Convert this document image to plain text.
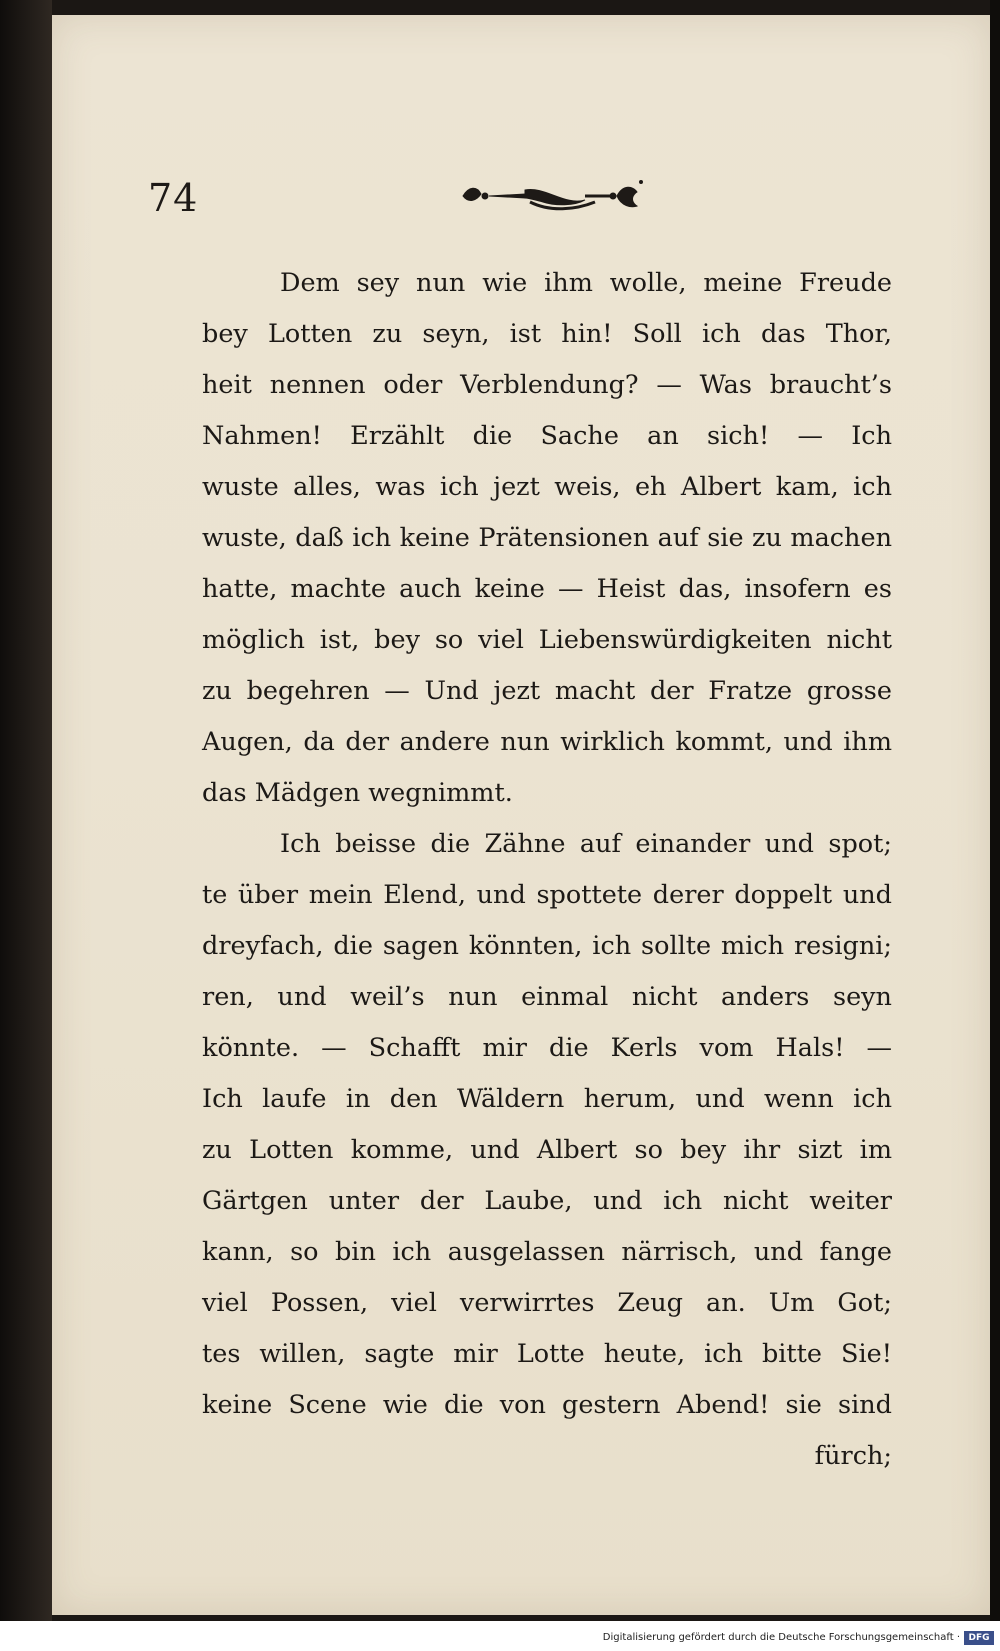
74
Dem sey nun wie ihm wolle, meine Freude
bey Lotten zu seyn, ist hin! Soll ich das Thor,
heit nennen oder Verblendung? — Was braucht’s
Nahmen! Erzählt die Sache an sich! — Ich
wuste alles, was ich jezt weis, eh Albert kam, ich
wuste, daß ich keine Prätensionen auf sie zu machen
hatte, machte auch keine — Heist das, insofern es
möglich ist, bey so viel Liebenswürdigkeiten nicht
zu begehren — Und jezt macht der Fratze grosse
Augen, da der andere nun wirklich kommt, und ihm
das Mädgen wegnimmt.
Ich beisse die Zähne auf einander und spot;
te über mein Elend, und spottete derer doppelt und
dreyfach, die sagen könnten, ich sollte mich resigni;
ren, und weil’s nun einmal nicht anders seyn
könnte. — Schafft mir die Kerls vom Hals! —
Ich laufe in den Wäldern herum, und wenn ich
zu Lotten komme, und Albert so bey ihr sizt im
Gärtgen unter der Laube, und ich nicht weiter
kann, so bin ich ausgelassen närrisch, und fange
viel Possen, viel verwirrtes Zeug an. Um Got;
tes willen, sagte mir Lotte heute, ich bitte Sie!
keine Scene wie die von gestern Abend! sie sind
fürch;
Digitalisierung gefördert durch die Deutsche Forschungsgemeinschaft · DFG
